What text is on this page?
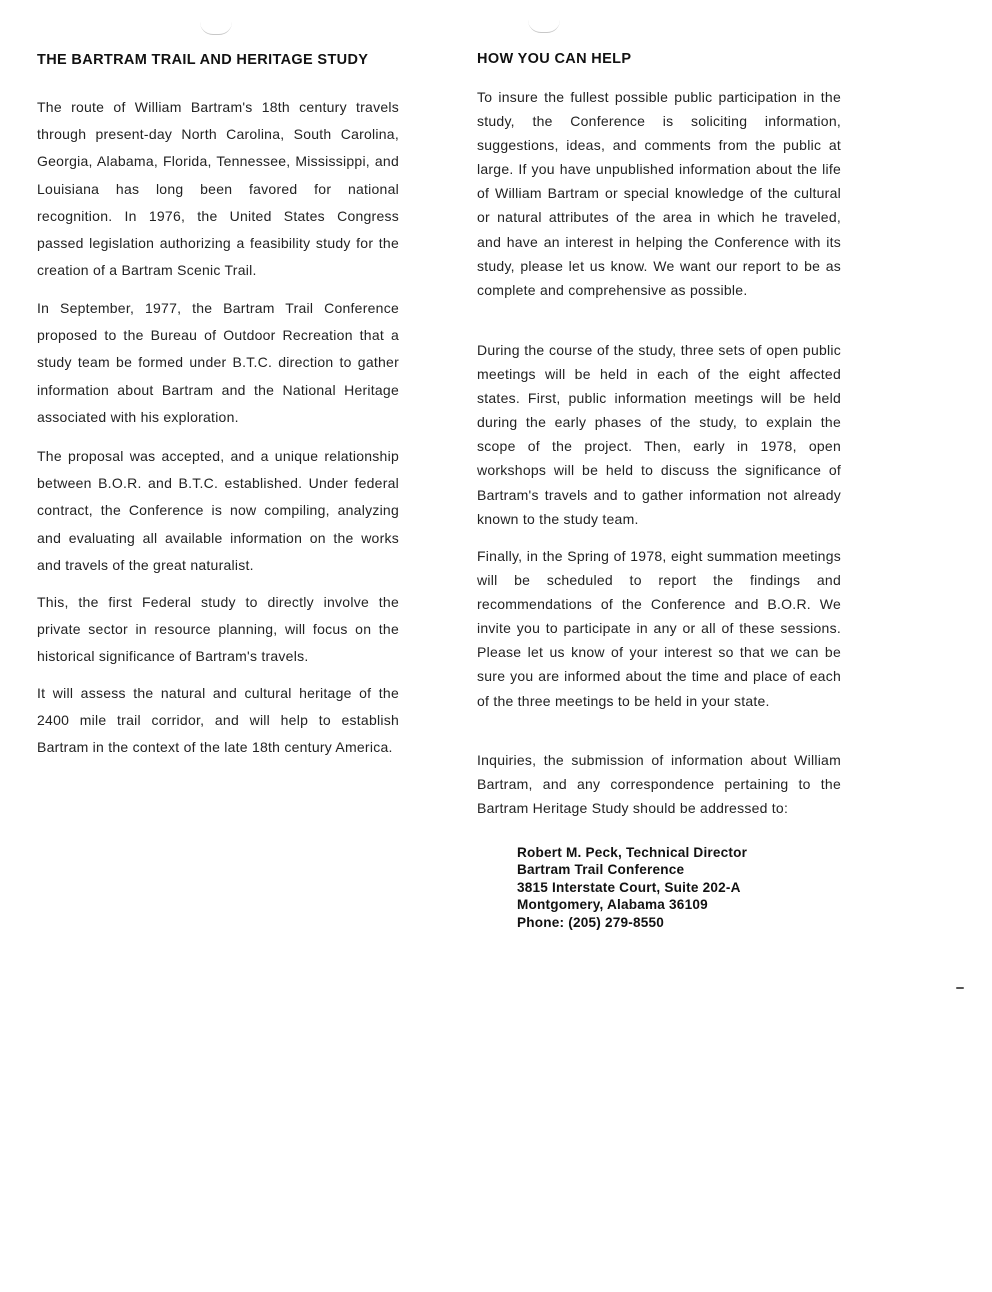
THE BARTRAM TRAIL AND HERITAGE STUDY

The route of William Bartram's 18th century travels through present-day North Carolina, South Carolina, Georgia, Alabama, Florida, Tennessee, Mississippi, and Louisiana has long been favored for national recognition. In 1976, the United States Congress passed legislation authorizing a feasibility study for the creation of a Bartram Scenic Trail.

In September, 1977, the Bartram Trail Conference proposed to the Bureau of Outdoor Recreation that a study team be formed under B.T.C. direction to gather information about Bartram and the National Heritage associated with his exploration.

The proposal was accepted, and a unique relationship between B.O.R. and B.T.C. established. Under federal contract, the Conference is now compiling, analyzing and evaluating all available information on the works and travels of the great naturalist.

This, the first Federal study to directly involve the private sector in resource planning, will focus on the historical significance of Bartram's travels.

It will assess the natural and cultural heritage of the 2400 mile trail corridor, and will help to establish Bartram in the context of the late 18th century America.

HOW YOU CAN HELP

To insure the fullest possible public participation in the study, the Conference is soliciting information, suggestions, ideas, and comments from the public at large. If you have unpublished information about the life of William Bartram or special knowledge of the cultural or natural attributes of the area in which he traveled, and have an interest in helping the Conference with its study, please let us know. We want our report to be as complete and comprehensive as possible.

During the course of the study, three sets of open public meetings will be held in each of the eight affected states. First, public information meetings will be held during the early phases of the study, to explain the scope of the project. Then, early in 1978, open workshops will be held to discuss the significance of Bartram's travels and to gather information not already known to the study team.

Finally, in the Spring of 1978, eight summation meetings will be scheduled to report the findings and recommendations of the Conference and B.O.R. We invite you to participate in any or all of these sessions. Please let us know of your interest so that we can be sure you are informed about the time and place of each of the three meetings to be held in your state.

Inquiries, the submission of information about William Bartram, and any correspondence pertaining to the Bartram Heritage Study should be addressed to:

Robert M. Peck, Technical Director
Bartram Trail Conference
3815 Interstate Court, Suite 202-A
Montgomery, Alabama 36109
Phone: (205) 279-8550
